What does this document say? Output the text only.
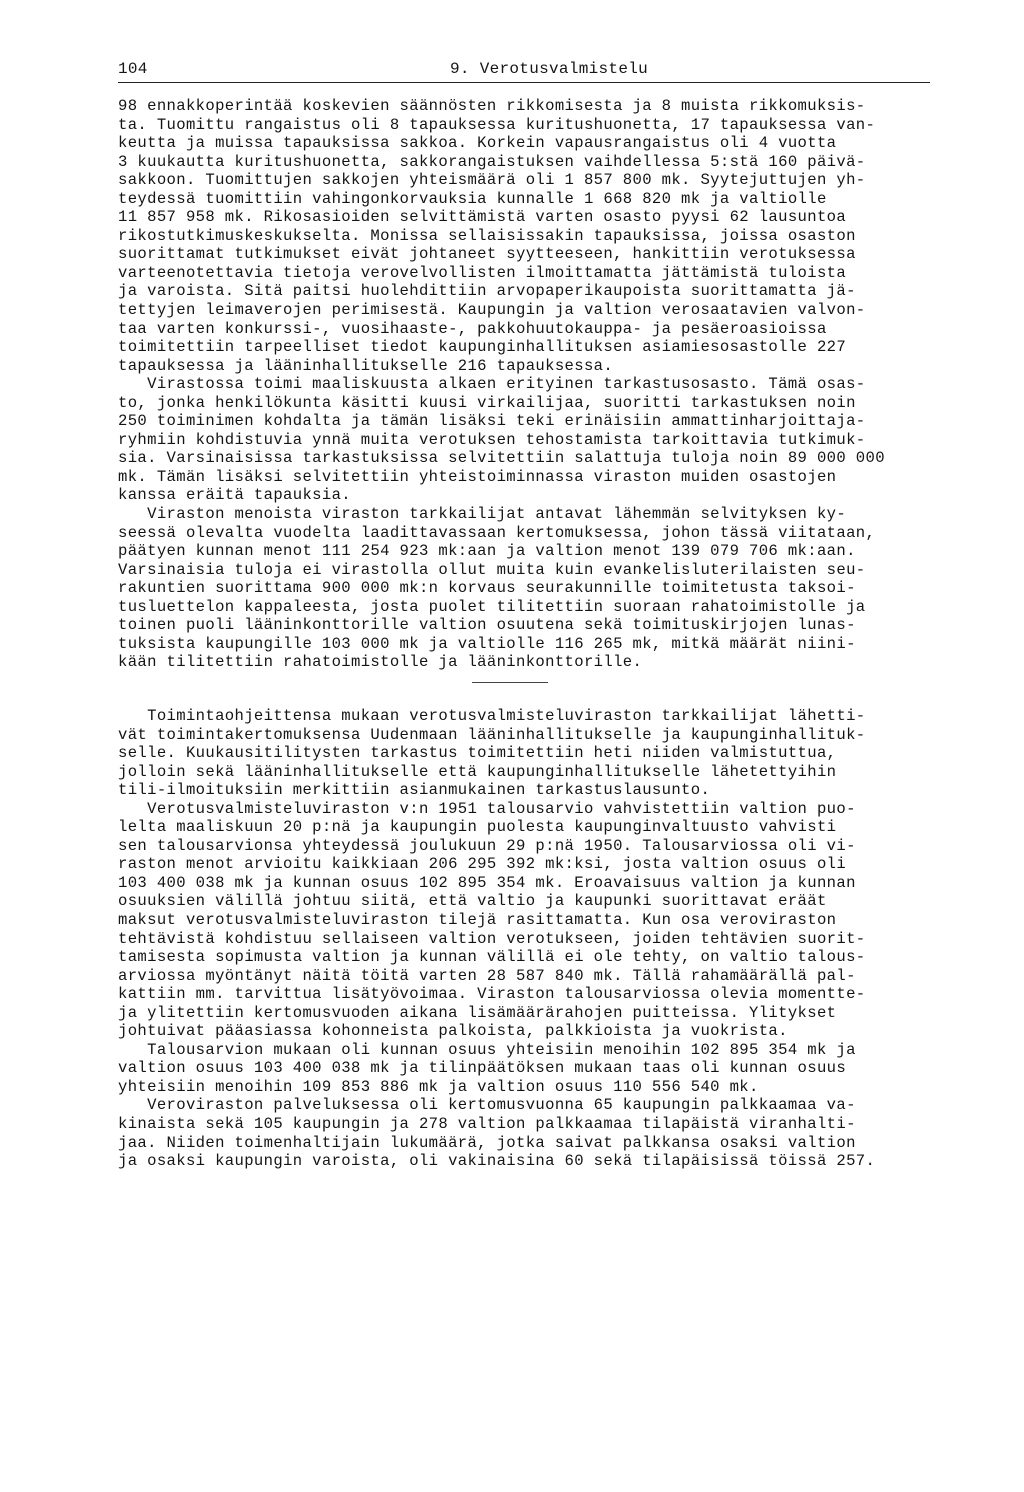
104	9. Verotusvalmistelu
98 ennakkoperintää koskevien säännösten rikkomisesta ja 8 muista rikkomuksis-
ta. Tuomittu rangaistus oli 8 tapauksessa kuritushuonetta, 17 tapauksessa van-
keutta ja muissa tapauksissa sakkoa. Korkein vapausrangaistus oli 4 vuotta
3 kuukautta kuritushuonetta, sakkorangaistuksen vaihdellessa 5:stä 160 päivä-
sakkoon. Tuomittujen sakkojen yhteismäärä oli 1 857 800 mk. Syytejuttujen yh-
teydessä tuomittiin vahingonkorvauksia kunnalle 1 668 820 mk ja valtiolle
11 857 958 mk. Rikosasioiden selvittämistä varten osasto pyysi 62 lausuntoa
rikostutkimuskeskukselta. Monissa sellaisissakin tapauksissa, joissa osaston
suorittamat tutkimukset eivät johtaneet syytteeseen, hankittiin verotuksessa
varteenotettavia tietoja verovelvollisten ilmoittamatta jättämistä tuloista
ja varoista. Sitä paitsi huolehdittiin arvopaperikaupoista suorittamatta jä-
tettyjen leimaverojen perimisestä. Kaupungin ja valtion verosaatavien valvon-
taa varten konkurssi-, vuosihaaste-, pakkohuutokauppa- ja pesäeroasioissa
toimitettiin tarpeelliset tiedot kaupunginhallituksen asiamiesosastolle 227
tapauksessa ja lääninhallitukselle 216 tapauksessa.
Virastossa toimi maaliskuusta alkaen erityinen tarkastusosasto. Tämä osas-
to, jonka henkilökunta käsitti kuusi virkailijaa, suoritti tarkastuksen noin
250 toiminimen kohdalta ja tämän lisäksi teki erinäisiin ammattinharjoittaja-
ryhmiin kohdistuvia ynnä muita verotuksen tehostamista tarkoittavia tutkimuk-
sia. Varsinaisissa tarkastuksissa selvitettiin salattuja tuloja noin 89 000 000
mk. Tämän lisäksi selvitettiin yhteistoiminnassa viraston muiden osastojen
kanssa eräitä tapauksia.
Viraston menoista viraston tarkkailijat antavat lähemmän selvityksen ky-
seessä olevalta vuodelta laadittavassaan kertomuksessa, johon tässä viitataan,
päätyen kunnan menot 111 254 923 mk:aan ja valtion menot 139 079 706 mk:aan.
Varsinaisia tuloja ei virastolla ollut muita kuin evankelisluterilaisten seu-
rakuntien suorittama 900 000 mk:n korvaus seurakunnille toimitetusta taksoi-
tusluettelon kappaleesta, josta puolet tilitettiin suoraan rahatoimistolle ja
toinen puoli lääninkonttorille valtion osuutena sekä toimituskirjojen lunas-
tuksista kaupungille 103 000 mk ja valtiolle 116 265 mk, mitkä määrät niini-
kään tilitettiin rahatoimistolle ja lääninkonttorille.
Toimintaohjeittensa mukaan verotusvalmisteluviraston tarkkailijat lähetti-
vät toimintakertomuksensa Uudenmaan lääninhallitukselle ja kaupunginhallituk-
selle. Kuukausitilitysten tarkastus toimitettiin heti niiden valmistuttua,
jolloin sekä lääninhallitukselle että kaupunginhallitukselle lähetettyihin
tili-ilmoituksiin merkittiin asianmukainen tarkastuslausunto.
Verotusvalmisteluviraston v:n 1951 talousarvio vahvistettiin valtion puo-
lelta maaliskuun 20 p:nä ja kaupungin puolesta kaupunginvaltuusto vahvisti
sen talousarvionsa yhteydessä joulukuun 29 p:nä 1950. Talousarviossa oli vi-
raston menot arvioitu kaikkiaan 206 295 392 mk:ksi, josta valtion osuus oli
103 400 038 mk ja kunnan osuus 102 895 354 mk. Eroavaisuus valtion ja kunnan
osuuksien välillä johtuu siitä, että valtio ja kaupunki suorittavat eräät
maksut verotusvalmisteluviraston tilejä rasittamatta. Kun osa veroviraston
tehtävistä kohdistuu sellaiseen valtion verotukseen, joiden tehtävien suorit-
tamisesta sopimusta valtion ja kunnan välillä ei ole tehty, on valtio talous-
arviossa myöntänyt näitä töitä varten 28 587 840 mk. Tällä rahamäärällä pal-
kattiin mm. tarvittua lisätyövoimaa. Viraston talousarviossa olevia momentte-
ja ylitettiin kertomusvuoden aikana lisämäärärahojen puitteissa. Ylitykset
johtuivat pääasiassa kohonneista palkoista, palkkioista ja vuokrista.
Talousarvion mukaan oli kunnan osuus yhteisiin menoihin 102 895 354 mk ja
valtion osuus 103 400 038 mk ja tilinpäätöksen mukaan taas oli kunnan osuus
yhteisiin menoihin 109 853 886 mk ja valtion osuus 110 556 540 mk.
Veroviraston palveluksessa oli kertomusvuonna 65 kaupungin palkkaamaa va-
kinaista sekä 105 kaupungin ja 278 valtion palkkaamaa tilapäistä viranhalti-
jaa. Niiden toimenhaltijain lukumäärä, jotka saivat palkkansa osaksi valtion
ja osaksi kaupungin varoista, oli vakinaisina 60 sekä tilapäisissä töissä 257.
